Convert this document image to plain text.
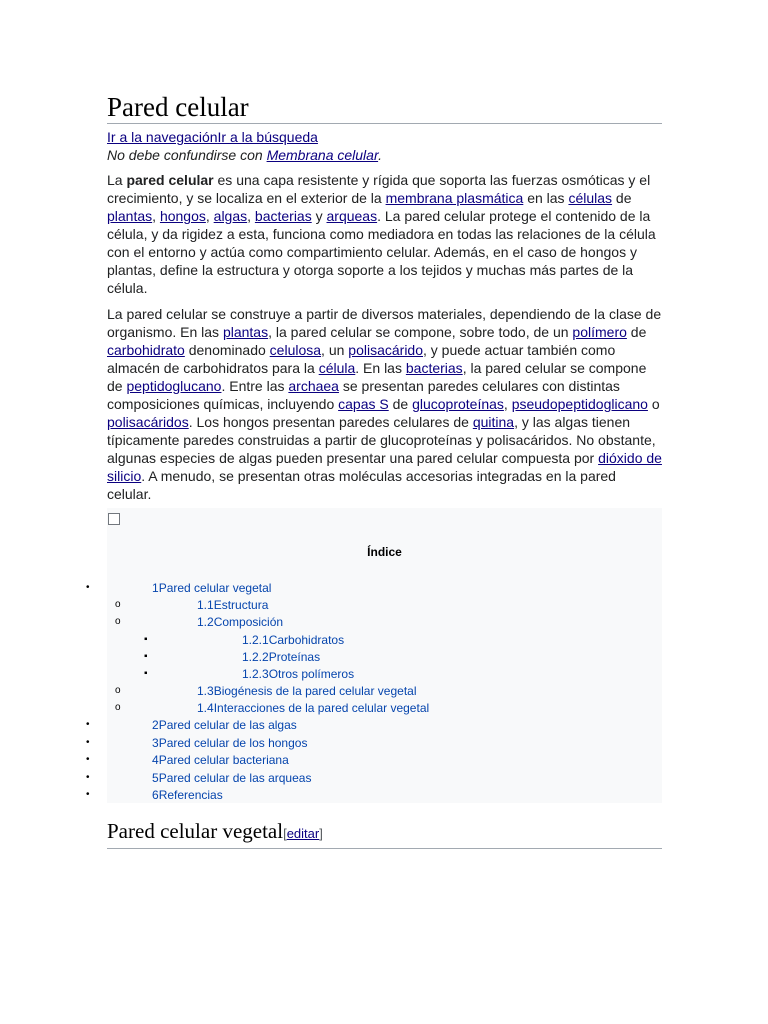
Pared celular
Ir a la navegaciónIr a la búsqueda
No debe confundirse con Membrana celular.

La pared celular es una capa resistente y rígida que soporta las fuerzas osmóticas y el crecimiento, y se localiza en el exterior de la membrana plasmática en las células de plantas, hongos, algas, bacterias y arqueas. La pared celular protege el contenido de la célula, y da rigidez a esta, funciona como mediadora en todas las relaciones de la célula con el entorno y actúa como compartimiento celular. Además, en el caso de hongos y plantas, define la estructura y otorga soporte a los tejidos y muchas más partes de la célula.

La pared celular se construye a partir de diversos materiales, dependiendo de la clase de organismo. En las plantas, la pared celular se compone, sobre todo, de un polímero de carbohidrato denominado celulosa, un polisacárido, y puede actuar también como almacén de carbohidratos para la célula. En las bacterias, la pared celular se compone de peptidoglucano. Entre las archaea se presentan paredes celulares con distintas composiciones químicas, incluyendo capas S de glucoproteínas, pseudopeptidoglicano o polisacáridos. Los hongos presentan paredes celulares de quitina, y las algas tienen típicamente paredes construidas a partir de glucoproteínas y polisacáridos. No obstante, algunas especies de algas pueden presentar una pared celular compuesta por dióxido de silicio. A menudo, se presentan otras moléculas accesorias integradas en la pared celular.

Índice
•	1Pared celular vegetal
o	1.1Estructura
o	1.2Composición
▪	1.2.1Carbohidratos
▪	1.2.2Proteínas
▪	1.2.3Otros polímeros
o	1.3Biogénesis de la pared celular vegetal
o	1.4Interacciones de la pared celular vegetal
•	2Pared celular de las algas
•	3Pared celular de los hongos
•	4Pared celular bacteriana
•	5Pared celular de las arqueas
•	6Referencias
Pared celular vegetal[editar]
